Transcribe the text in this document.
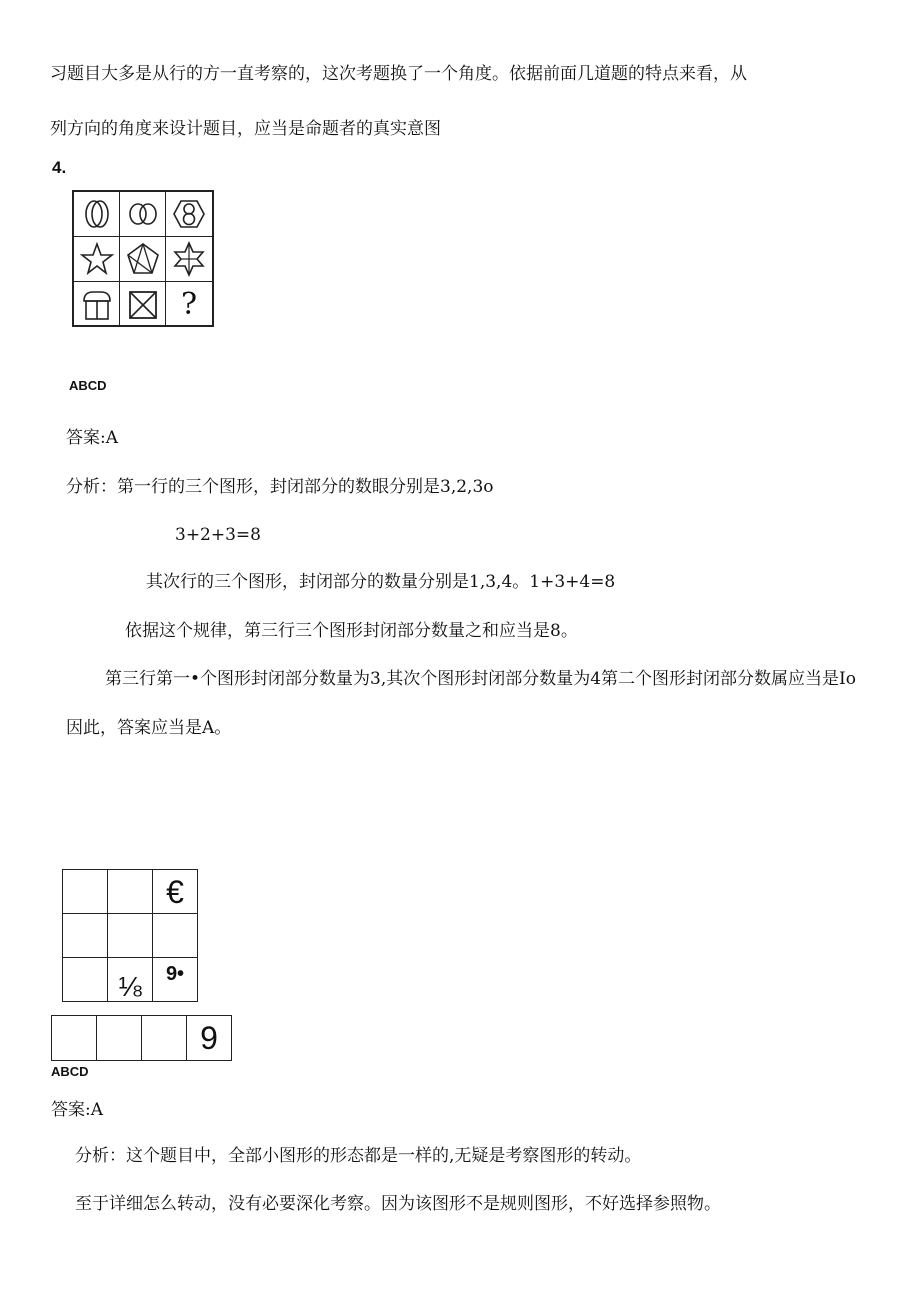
习题目大多是从行的方一直考察的，这次考题换了一个角度。依据前面几道题的特点来看，从
列方向的角度来设计题目，应当是命题者的真实意图
4.
?
ABCD
答案:A
分析：第一行的三个图形，封闭部分的数眼分别是3,2,3o
3+2+3=8
其次行的三个图形，封闭部分的数量分别是1,3,4。1+3+4=8
依据这个规律，第三行三个图形封闭部分数量之和应当是8。
第三行第一•个图形封闭部分数量为3,其次个图形封闭部分数量为4第二个图形封闭部分数属应当是Io
因此，答案应当是A。
€
⅛ 9•
9
ABCD
答案:A
分析：这个题目中，全部小图形的形态都是一样的,无疑是考察图形的转动。
至于详细怎么转动，没有必要深化考察。因为该图形不是规则图形，不好选择参照物。
